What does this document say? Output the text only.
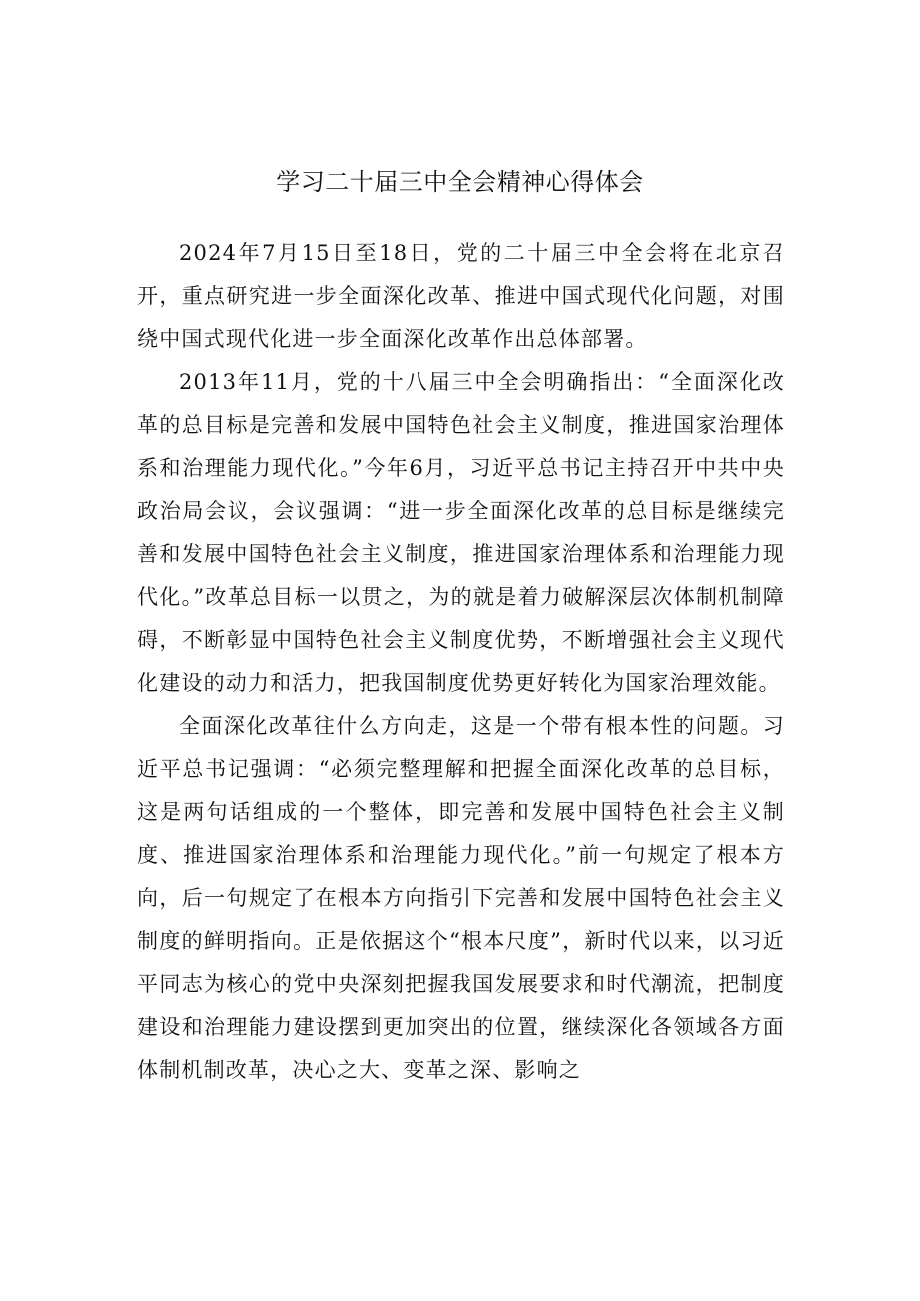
学习二十届三中全会精神心得体会

2024年7月15日至18日，党的二十届三中全会将在北京召开，重点研究进一步全面深化改革、推进中国式现代化问题，对围绕中国式现代化进一步全面深化改革作出总体部署。

2013年11月，党的十八届三中全会明确指出：“全面深化改革的总目标是完善和发展中国特色社会主义制度，推进国家治理体系和治理能力现代化。”今年6月，习近平总书记主持召开中共中央政治局会议，会议强调：“进一步全面深化改革的总目标是继续完善和发展中国特色社会主义制度，推进国家治理体系和治理能力现代化。”改革总目标一以贯之，为的就是着力破解深层次体制机制障碍，不断彰显中国特色社会主义制度优势，不断增强社会主义现代化建设的动力和活力，把我国制度优势更好转化为国家治理效能。

全面深化改革往什么方向走，这是一个带有根本性的问题。习近平总书记强调：“必须完整理解和把握全面深化改革的总目标，这是两句话组成的一个整体，即完善和发展中国特色社会主义制度、推进国家治理体系和治理能力现代化。”前一句规定了根本方向，后一句规定了在根本方向指引下完善和发展中国特色社会主义制度的鲜明指向。正是依据这个“根本尺度”，新时代以来，以习近平同志为核心的党中央深刻把握我国发展要求和时代潮流，把制度建设和治理能力建设摆到更加突出的位置，继续深化各领域各方面体制机制改革，决心之大、变革之深、影响之
